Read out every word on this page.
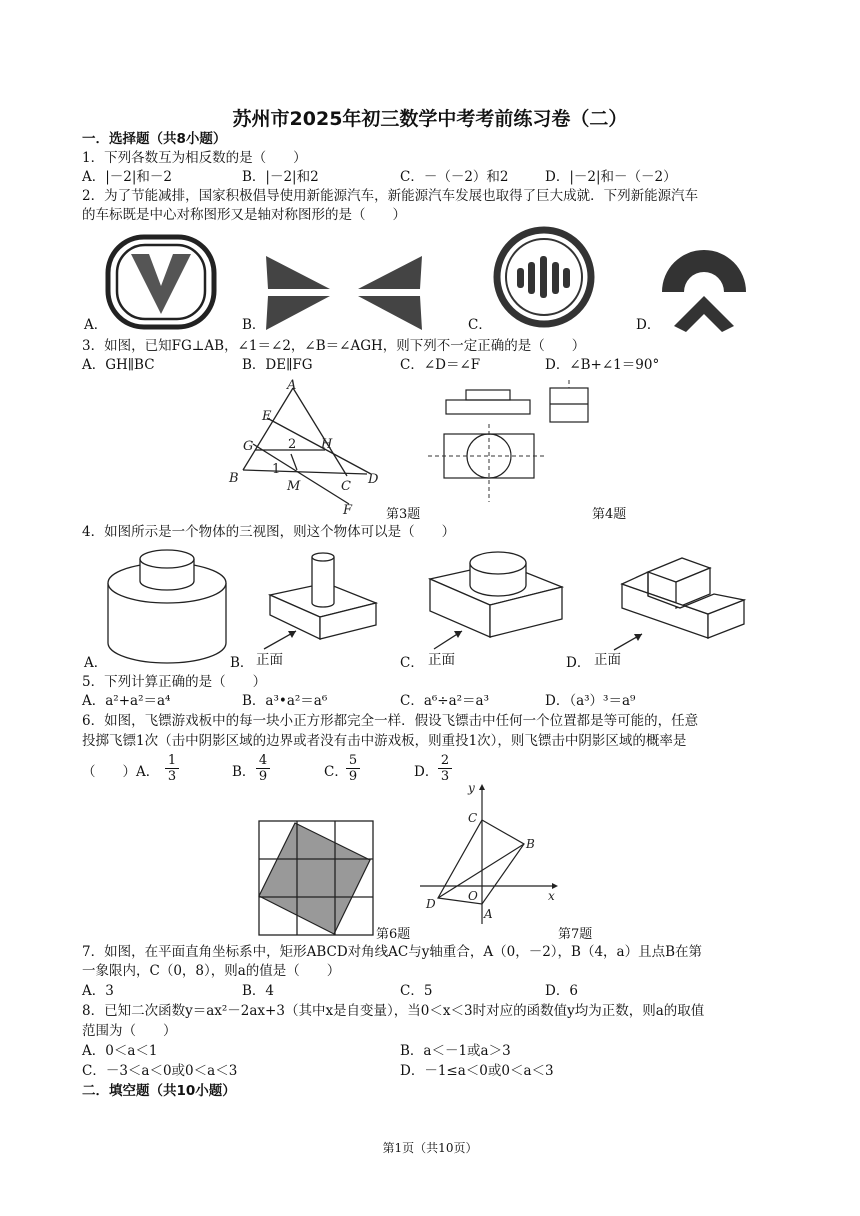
苏州市2025年初三数学中考考前练习卷（二）
一．选择题（共8小题）
1．下列各数互为相反数的是（　　）
A．|－2|和－2	B．|－2|和2	C．－（－2）和2	D．|－2|和－（－2）
2．为了节能减排，国家积极倡导使用新能源汽车，新能源汽车发展也取得了巨大成就．下列新能源汽车
的车标既是中心对称图形又是轴对称图形的是（　　）
A．	B．	C．	D．
3．如图，已知FG⊥AB，∠1＝∠2，∠B＝∠AGH，则下列不一定正确的是（　　）
A．GH∥BC	B．DE∥FG	C．∠D＝∠F	D．∠B+∠1＝90°
A
E
G	2 H
B
1
M	C D
F	第3题	第4题
4．如图所示是一个物体的三视图，则这个物体可以是（　　）
A．	B． 正面	C． 正面	D． 正面
5．下列计算正确的是（　　）
A．a²+a²＝a⁴	B．a³•a²＝a⁶	C．a⁶÷a²＝a³	D．（a³）³＝a⁹
6．如图，飞镖游戏板中的每一块小正方形都完全一样．假设飞镖击中任何一个位置都是等可能的，任意
投掷飞镖1次（击中阴影区域的边界或者没有击中游戏板，则重投1次），则飞镖击中阴影区域的概率是
（　　）A． $\frac{1}{3}$	B． $\frac{4}{9}$	C．
$\frac{5}{9}$	D． $\frac{2}{3}$
第6题
y
x
C
B
O
D
A
第7题
7．如图，在平面直角坐标系中，矩形ABCD对角线AC与y轴重合，A（0，－2），B（4，a）且点B在第
一象限内，C（0，8），则a的值是（　　）
A．3	B．4	C．5	D．6
8．已知二次函数y＝ax²－2ax+3（其中x是自变量），当0＜x＜3时对应的函数值y均为正数，则a的取值
范围为（　　）
A．0＜a＜1	B．a＜－1或a＞3
C．－3＜a＜0或0＜a＜3	D．－1≤a＜0或0＜a＜3
二．填空题（共10小题）
第1页（共10页）
